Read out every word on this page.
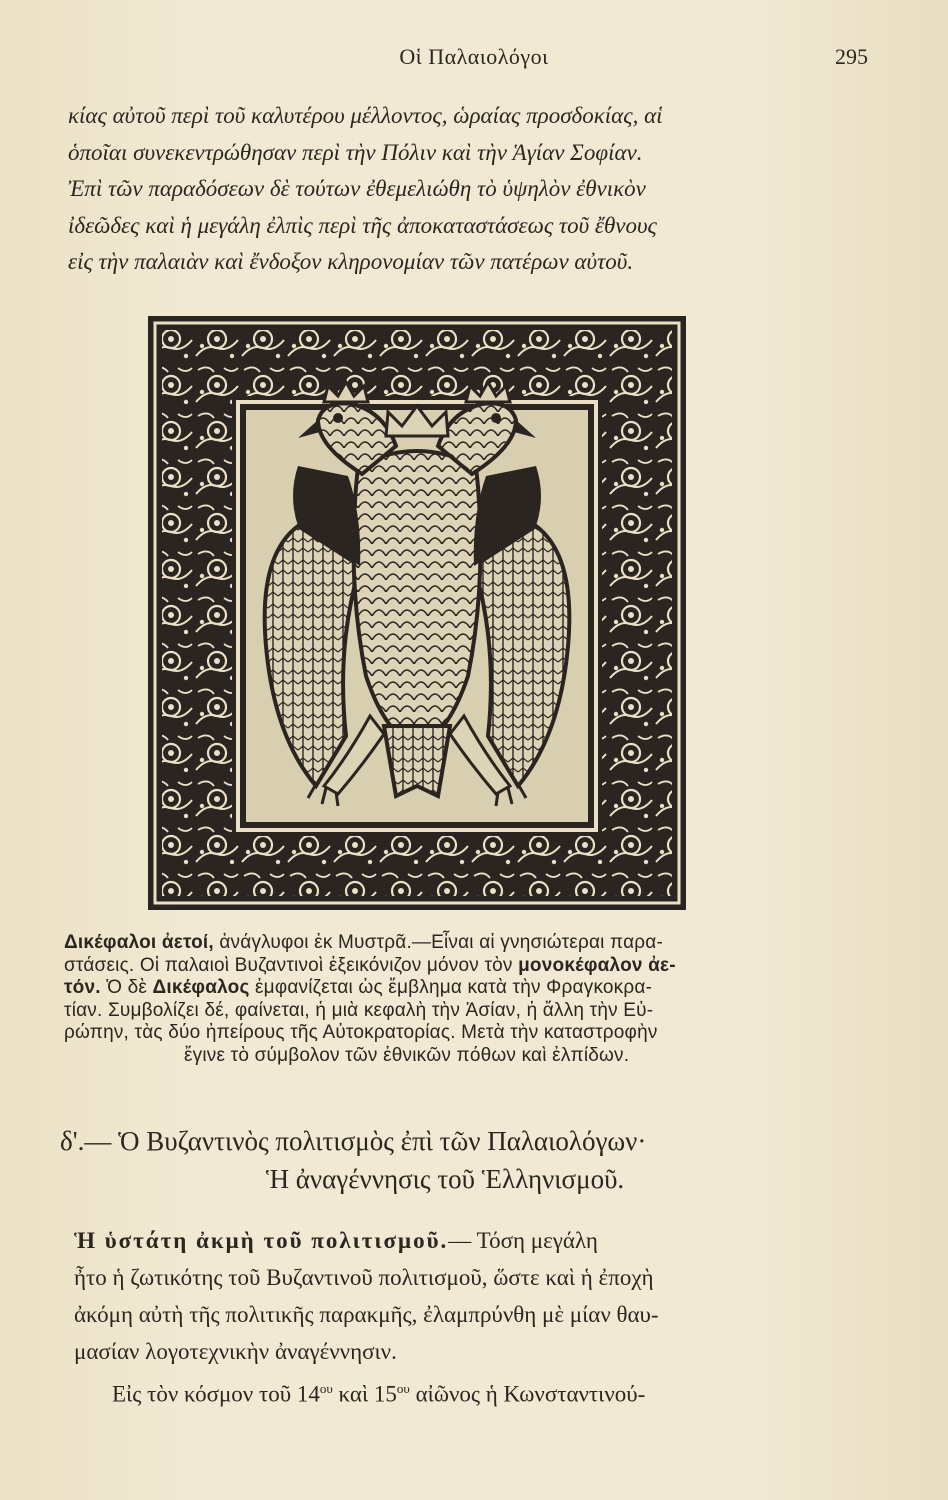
Οἱ Παλαιολόγοι	295
κίας αὐτοῦ περὶ τοῦ καλυτέρου μέλλοντος, ὡραίας προσδοκίας, αἱ
ὁποῖαι συνεκεντρώθησαν περὶ τὴν Πόλιν καὶ τὴν Ἁγίαν Σοφίαν.
Ἐπὶ τῶν παραδόσεων δὲ τούτων ἐθεμελιώθη τὸ ὑψηλὸν ἐθνικὸν
ἰδεῶδες καὶ ἡ μεγάλη ἐλπὶς περὶ τῆς ἀποκαταστάσεως τοῦ ἔθνους
εἰς τὴν παλαιὰν καὶ ἔνδοξον κληρονομίαν τῶν πατέρων αὐτοῦ.
Δικέφαλοι ἀετοί, ἀνάγλυφοι ἐκ Μυστρᾶ.—Εἶναι αἱ γνησιώτεραι παρα-
στάσεις. Οἱ παλαιοὶ Βυζαντινοὶ ἐξεικόνιζον μόνον τὸν μονοκέφαλον ἀε-
τόν. Ὁ δὲ Δικέφαλος ἐμφανίζεται ὡς ἔμβλημα κατὰ τὴν Φραγκοκρα-
τίαν. Συμβολίζει δέ, φαίνεται, ἡ μιὰ κεφαλὴ τὴν Ἀσίαν, ἡ ἄλλη τὴν Εὐ-
ρώπην, τὰς δύο ἠπείρους τῆς Αὐτοκρατορίας. Μετὰ τὴν καταστροφὴν
ἔγινε τὸ σύμβολον τῶν ἐθνικῶν πόθων καὶ ἐλπίδων.
δ'.— Ὁ Βυζαντινὸς πολιτισμὸς ἐπὶ τῶν Παλαιολόγων·
Ἡ ἀναγέννησις τοῦ Ἑλληνισμοῦ.
Ἡ ὑστάτη ἀκμὴ τοῦ πολιτισμοῦ.— Τόση μεγάλη
ἦτο ἡ ζωτικότης τοῦ Βυζαντινοῦ πολιτισμοῦ, ὥστε καὶ ἡ ἐποχὴ
ἀκόμη αὐτὴ τῆς πολιτικῆς παρακμῆς, ἐλαμπρύνθη μὲ μίαν θαυ-
μασίαν λογοτεχνικὴν ἀναγέννησιν.
Εἰς τὸν κόσμον τοῦ $14^{o\upsilon}$ καὶ $15^{o\upsilon}$ αἰῶνος ἡ Κωνσταντινού-
